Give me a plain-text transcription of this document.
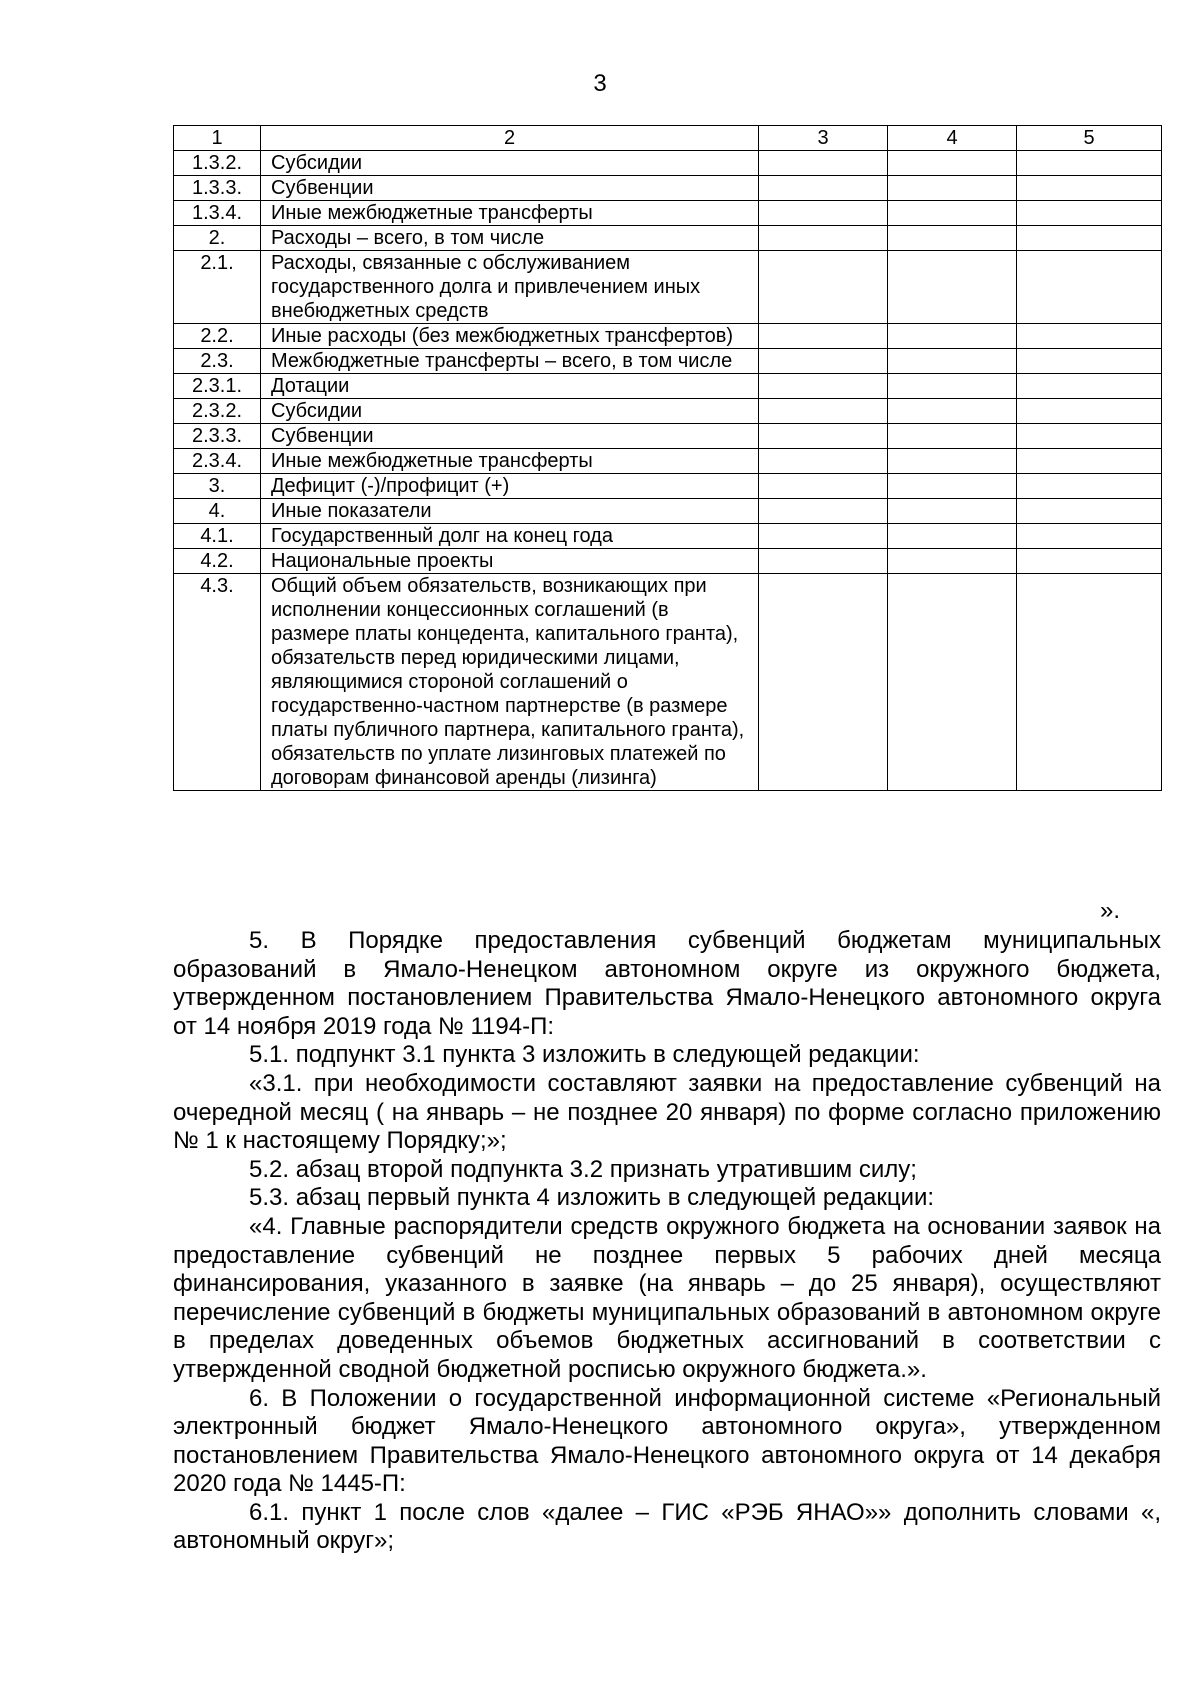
3
1	2	3	4	5
1.3.2.	Субсидии			
1.3.3.	Субвенции			
1.3.4.	Иные межбюджетные трансферты			
2.	Расходы – всего, в том числе			
2.1.	Расходы, связанные с обслуживанием государственного долга и привлечением иных внебюджетных средств			
2.2.	Иные расходы (без межбюджетных трансфертов)			
2.3.	Межбюджетные трансферты – всего, в том числе			
2.3.1.	Дотации			
2.3.2.	Субсидии			
2.3.3.	Субвенции			
2.3.4.	Иные межбюджетные трансферты			
3.	Дефицит (-)/профицит (+)			
4.	Иные показатели			
4.1.	Государственный долг на конец года			
4.2.	Национальные проекты			
4.3.	Общий объем обязательств, возникающих при исполнении концессионных соглашений (в размере платы концедента, капитального гранта), обязательств перед юридическими лицами, являющимися стороной соглашений о государственно-частном партнерстве (в размере платы публичного партнера, капитального гранта), обязательств по уплате лизинговых платежей по договорам финансовой аренды (лизинга)			
».

5. В Порядке предоставления субвенций бюджетам муниципальных образований в Ямало-Ненецком автономном округе из окружного бюджета, утвержденном постановлением Правительства Ямало-Ненецкого автономного округа от 14 ноября 2019 года № 1194-П:

5.1. подпункт 3.1 пункта 3 изложить в следующей редакции:

«3.1. при необходимости составляют заявки на предоставление субвенций на очередной месяц ( на январь – не позднее 20 января) по форме согласно приложению № 1 к настоящему Порядку;»;

5.2. абзац второй подпункта 3.2 признать утратившим силу;

5.3. абзац первый пункта 4 изложить в следующей редакции:

«4. Главные распорядители средств окружного бюджета на основании заявок на предоставление субвенций не позднее первых 5 рабочих дней месяца финансирования, указанного в заявке (на январь – до 25 января), осуществляют перечисление субвенций в бюджеты муниципальных образований в автономном округе в пределах доведенных объемов бюджетных ассигнований в соответствии с утвержденной сводной бюджетной росписью окружного бюджета.».

6. В Положении о государственной информационной системе «Региональный электронный бюджет Ямало-Ненецкого автономного округа», утвержденном постановлением Правительства Ямало-Ненецкого автономного округа от 14 декабря 2020 года № 1445-П:

6.1. пункт 1 после слов «далее – ГИС «РЭБ ЯНАО»» дополнить словами «, автономный округ»;
